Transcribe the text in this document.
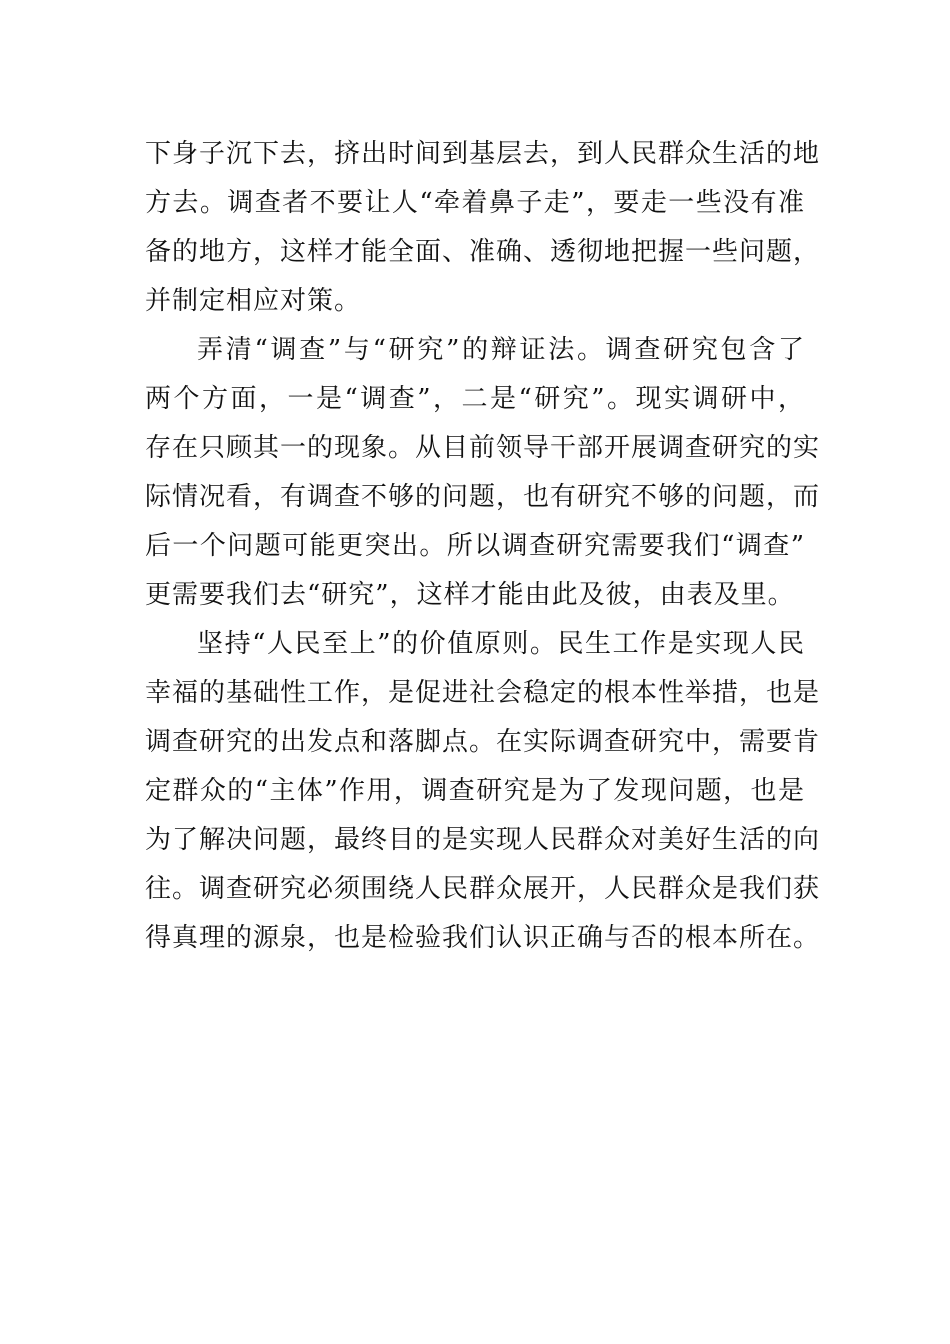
下身子沉下去，挤出时间到基层去，到人民群众生活的地
方去。调查者不要让人“牵着鼻子走”，要走一些没有准
备的地方，这样才能全面、准确、透彻地把握一些问题，
并制定相应对策。
弄清“调查”与“研究”的辩证法。调查研究包含了
两个方面，一是“调查”，二是“研究”。现实调研中，
存在只顾其一的现象。从目前领导干部开展调查研究的实
际情况看，有调查不够的问题，也有研究不够的问题，而
后一个问题可能更突出。所以调查研究需要我们“调查”
更需要我们去“研究”，这样才能由此及彼，由表及里。
坚持“人民至上”的价值原则。民生工作是实现人民
幸福的基础性工作，是促进社会稳定的根本性举措，也是
调查研究的出发点和落脚点。在实际调查研究中，需要肯
定群众的“主体”作用，调查研究是为了发现问题，也是
为了解决问题，最终目的是实现人民群众对美好生活的向
往。调查研究必须围绕人民群众展开，人民群众是我们获
得真理的源泉，也是检验我们认识正确与否的根本所在。
